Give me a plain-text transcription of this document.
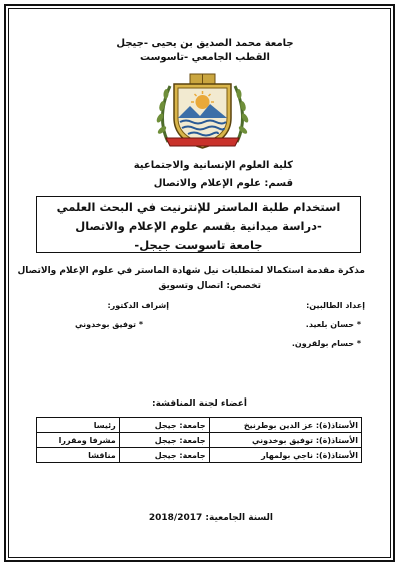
جامعة محمد الصديق بن يحيى -جيجل
القطب الجامعي -تاسوست
كلية العلوم الإنسانية والاجتماعية
قسم: علوم الإعلام والاتصال
استخدام طلبة الماستر للإنترنيت في البحث العلمي
-دراسة ميدانية بقسم علوم الإعلام والاتصال
جامعة تاسوست جيجل-
مذكرة مقدمة استكمالا لمتطلبات نيل شهادة الماستر في علوم الإعلام والاتصال
تخصص: اتصال وتسويق
إعداد الطالبين:
إشراف الدكتور:
* حسان بلعيد.
* حسام بولقرون.
* توفيق بوخدوني
أعضاء لجنة المناقشة:
الأستاذ(ة): عز الدين بوطرنيخ	جامعة: جيجل	رئيسا
الأستاذ(ة): توفيق بوخدوني	جامعة: جيجل	مشرفا ومقررا
الأستاذ(ة): ناجي بولمهار	جامعة: جيجل	مناقشا
السنة الجامعية: 2018/2017
